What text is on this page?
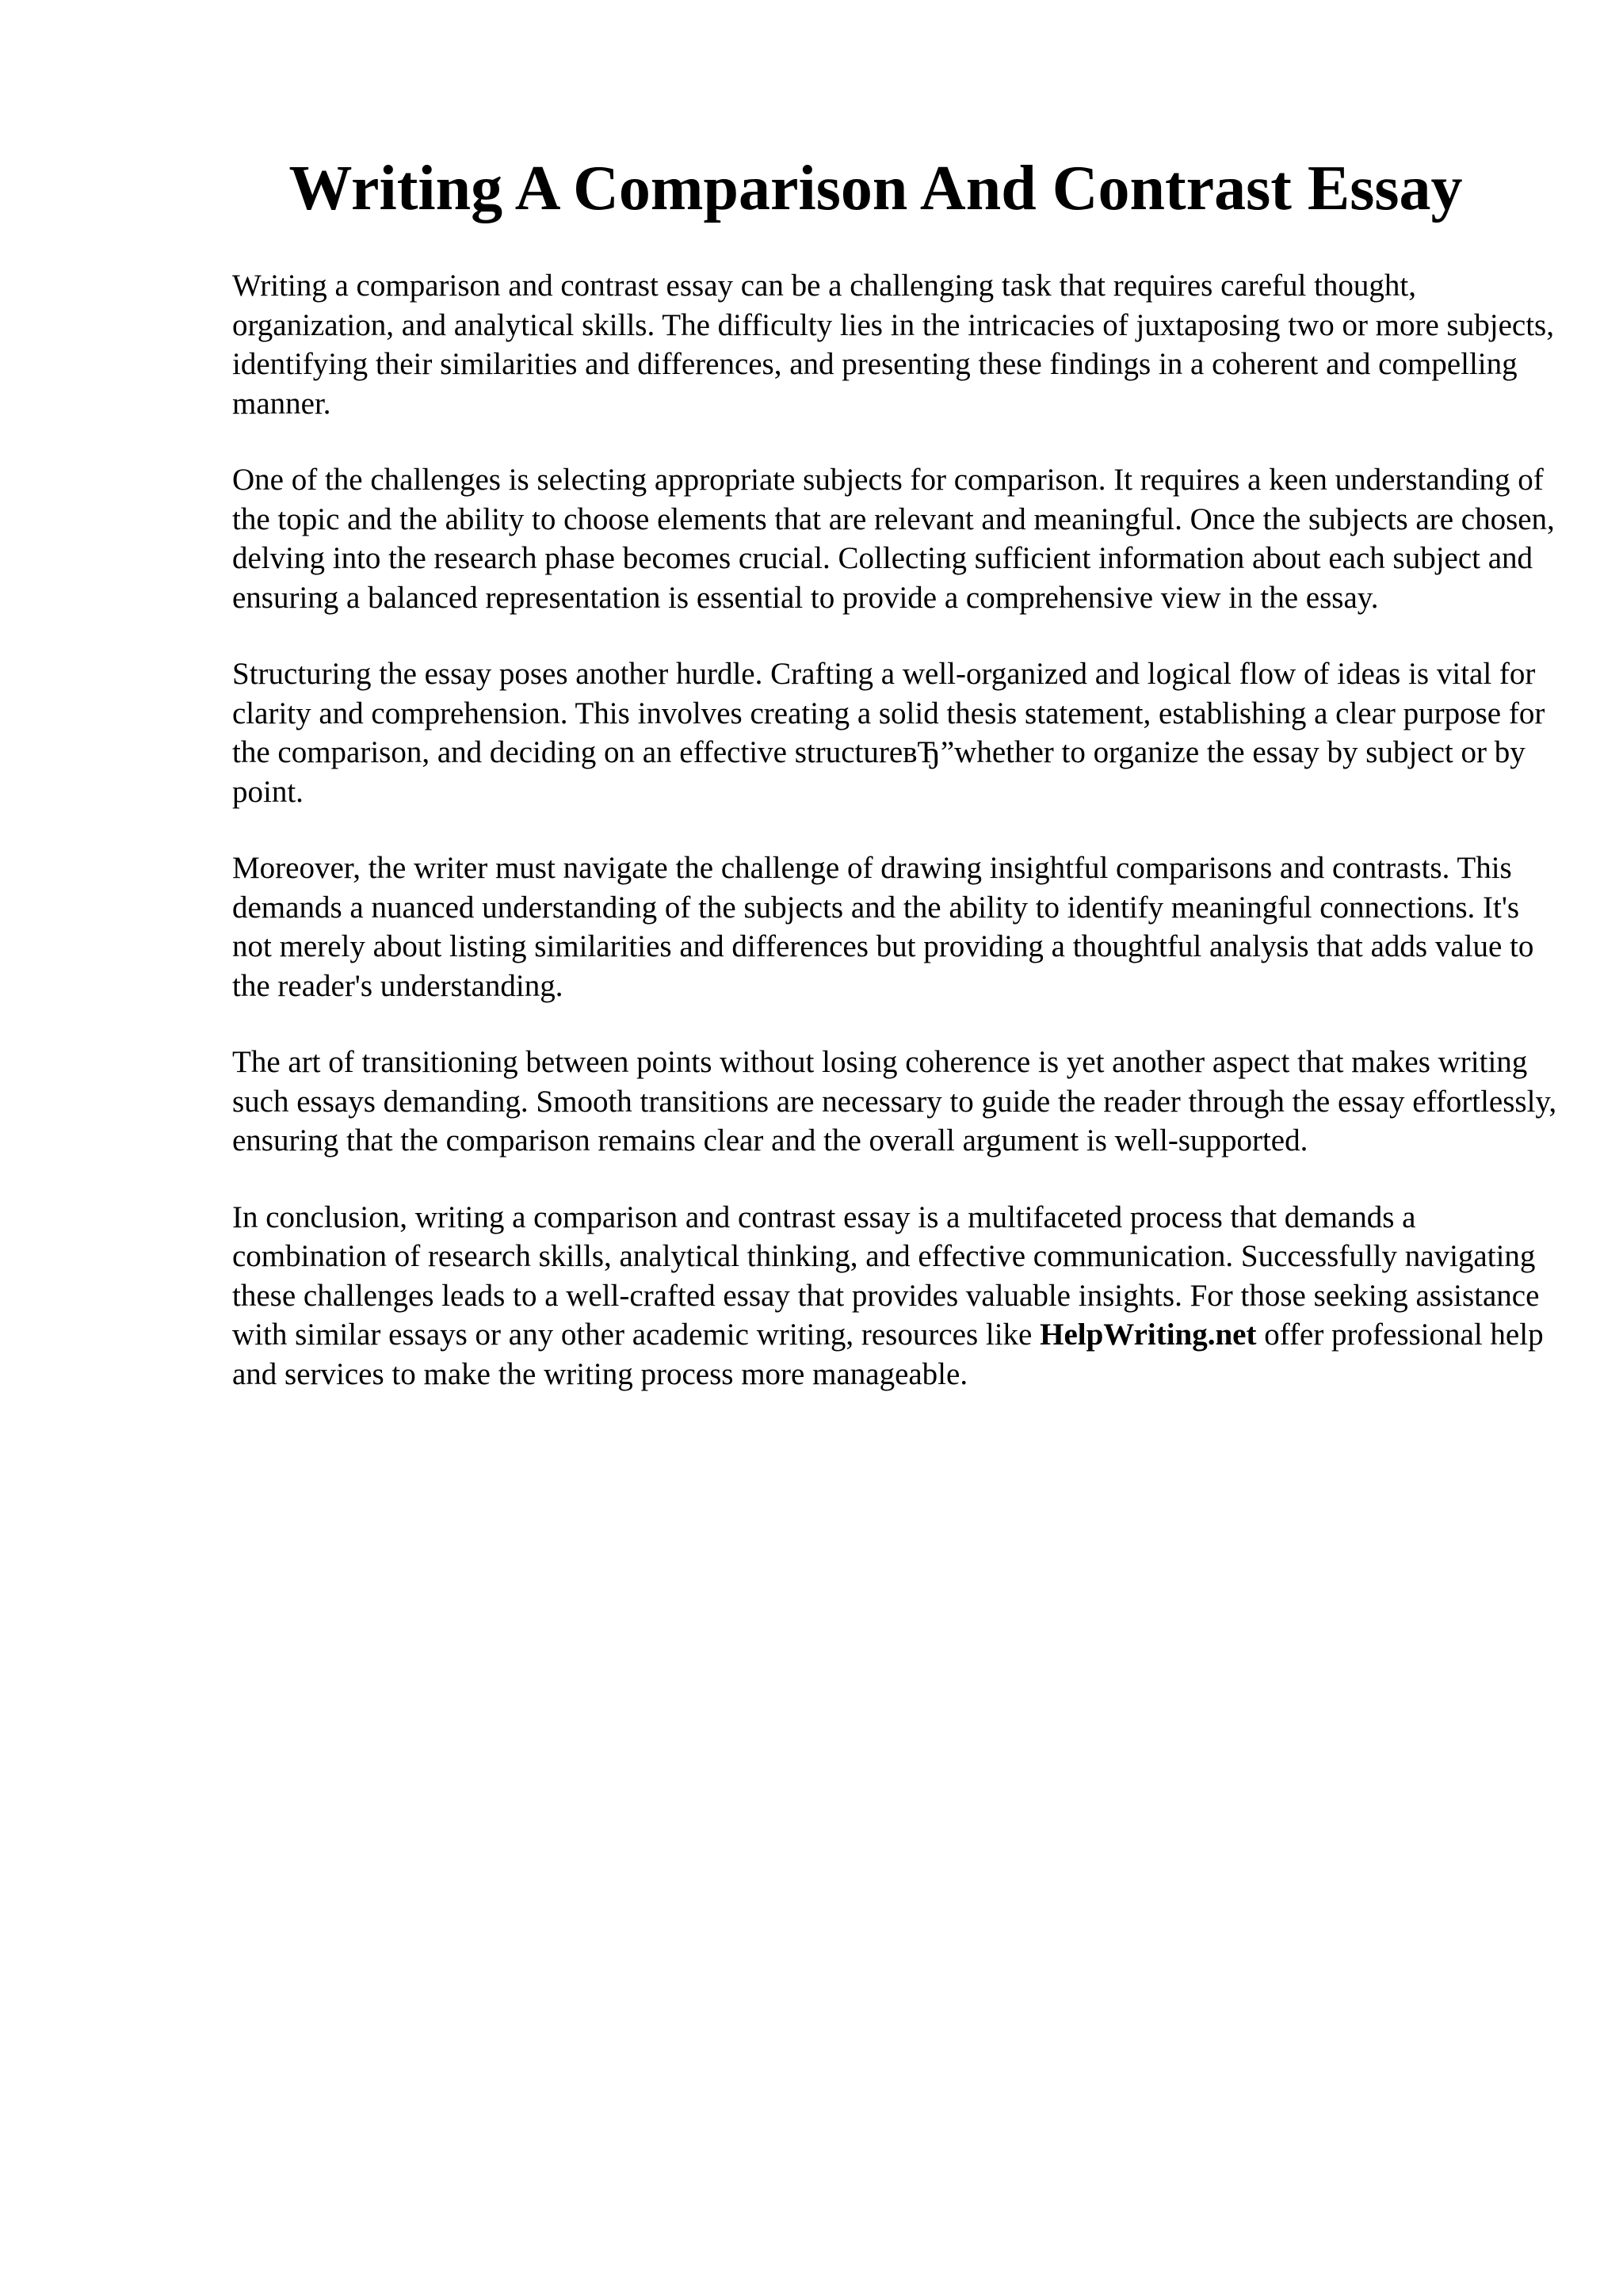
Writing A Comparison And Contrast Essay

Writing a comparison and contrast essay can be a challenging task that requires careful thought, organization, and analytical skills. The difficulty lies in the intricacies of juxtaposing two or more subjects, identifying their similarities and differences, and presenting these findings in a coherent and compelling manner.

One of the challenges is selecting appropriate subjects for comparison. It requires a keen understanding of the topic and the ability to choose elements that are relevant and meaningful. Once the subjects are chosen, delving into the research phase becomes crucial. Collecting sufficient information about each subject and ensuring a balanced representation is essential to provide a comprehensive view in the essay.

Structuring the essay poses another hurdle. Crafting a well-organized and logical flow of ideas is vital for clarity and comprehension. This involves creating a solid thesis statement, establishing a clear purpose for the comparison, and deciding on an effective structureвЂ”whether to organize the essay by subject or by point.

Moreover, the writer must navigate the challenge of drawing insightful comparisons and contrasts. This demands a nuanced understanding of the subjects and the ability to identify meaningful connections. It's not merely about listing similarities and differences but providing a thoughtful analysis that adds value to the reader's understanding.

The art of transitioning between points without losing coherence is yet another aspect that makes writing such essays demanding. Smooth transitions are necessary to guide the reader through the essay effortlessly, ensuring that the comparison remains clear and the overall argument is well-supported.

In conclusion, writing a comparison and contrast essay is a multifaceted process that demands a combination of research skills, analytical thinking, and effective communication. Successfully navigating these challenges leads to a well-crafted essay that provides valuable insights. For those seeking assistance with similar essays or any other academic writing, resources like HelpWriting.net offer professional help and services to make the writing process more manageable.
